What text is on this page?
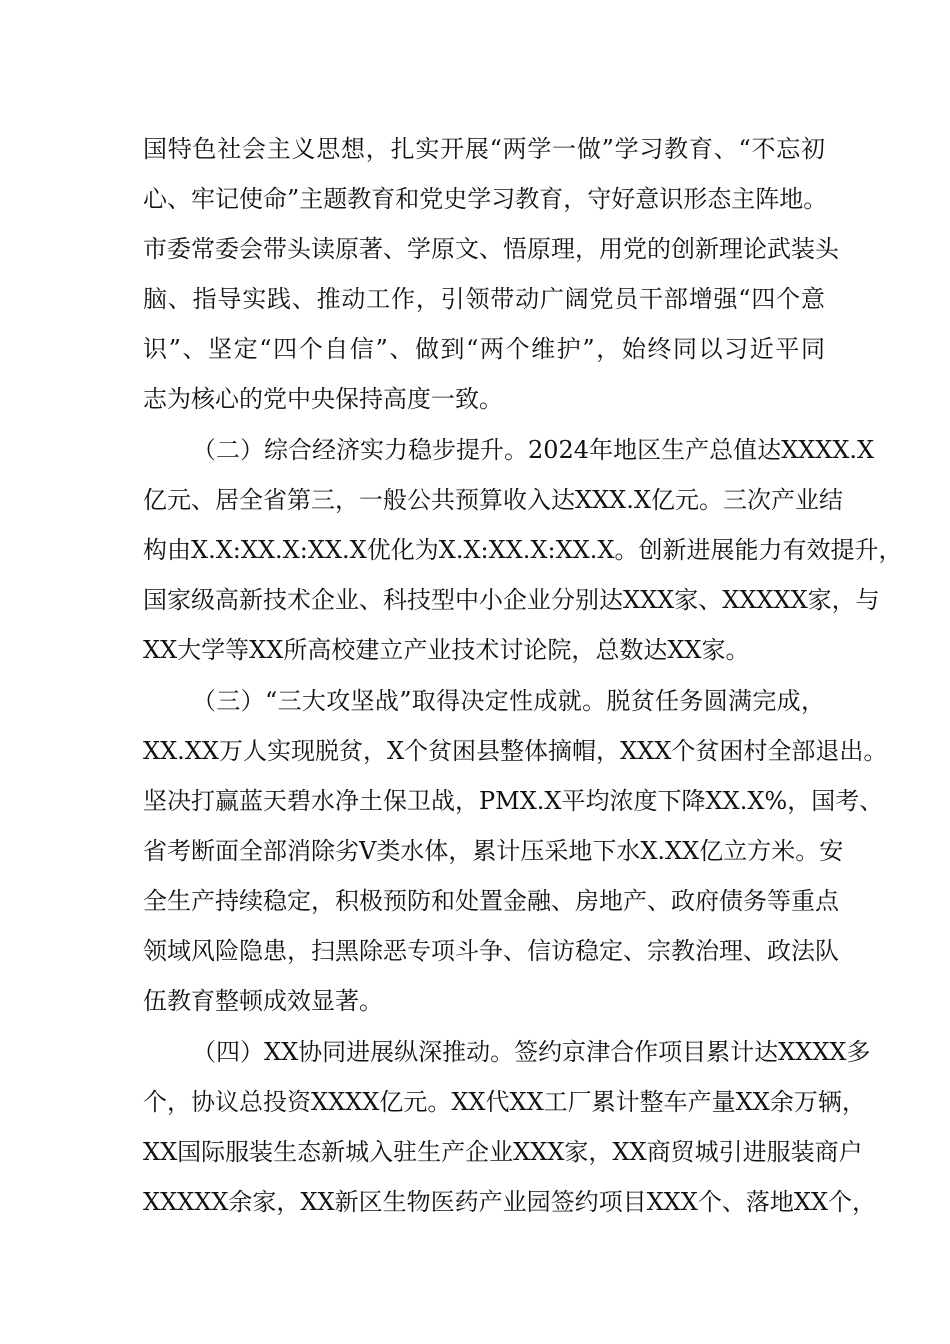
国特色社会主义思想，扎实开展“两学一做”学习教育、“不忘初
心、牢记使命”主题教育和党史学习教育，守好意识形态主阵地。
市委常委会带头读原著、学原文、悟原理，用党的创新理论武装头
脑、指导实践、推动工作，引领带动广阔党员干部增强“四个意
识”、坚定“四个自信”、做到“两个维护”，始终同以习近平同
志为核心的党中央保持高度一致。
（二）综合经济实力稳步提升。2024年地区生产总值达XXXX.X
亿元、居全省第三，一般公共预算收入达XXX.X亿元。三次产业结
构由X.X:XX.X:XX.X优化为X.X:XX.X:XX.X。创新进展能力有效提升，
国家级高新技术企业、科技型中小企业分别达XXX家、XXXXX家，与
XX大学等XX所高校建立产业技术讨论院，总数达XX家。
（三）“三大攻坚战”取得决定性成就。脱贫任务圆满完成，
XX.XX万人实现脱贫，X个贫困县整体摘帽，XXX个贫困村全部退出。
坚决打赢蓝天碧水净土保卫战，PMX.X平均浓度下降XX.X%，国考、
省考断面全部消除劣Ⅴ类水体，累计压采地下水X.XX亿立方米。安
全生产持续稳定，积极预防和处置金融、房地产、政府债务等重点
领域风险隐患，扫黑除恶专项斗争、信访稳定、宗教治理、政法队
伍教育整顿成效显著。
（四）XX协同进展纵深推动。签约京津合作项目累计达XXXX多
个，协议总投资XXXX亿元。XX代XX工厂累计整车产量XX余万辆，
XX国际服装生态新城入驻生产企业XXX家，XX商贸城引进服装商户
XXXXX余家，XX新区生物医药产业园签约项目XXX个、落地XX个，
